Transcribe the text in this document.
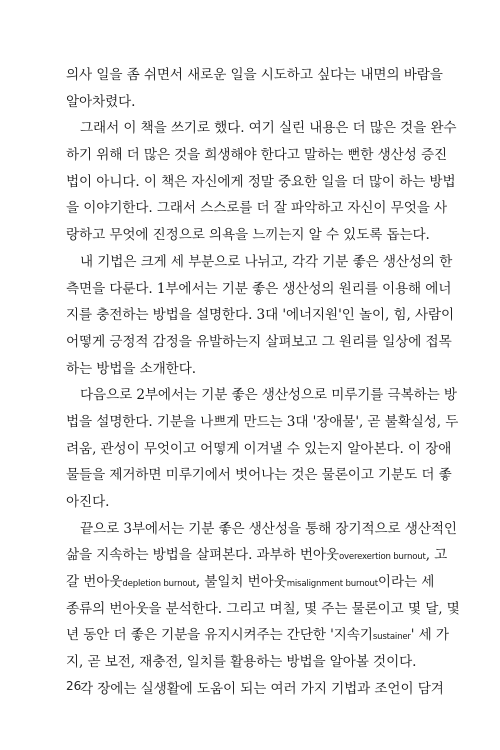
의사 일을 좀 쉬면서 새로운 일을 시도하고 싶다는 내면의 바람을
알아차렸다.

그래서 이 책을 쓰기로 했다. 여기 실린 내용은 더 많은 것을 완수
하기 위해 더 많은 것을 희생해야 한다고 말하는 뻔한 생산성 증진
법이 아니다. 이 책은 자신에게 정말 중요한 일을 더 많이 하는 방법
을 이야기한다. 그래서 스스로를 더 잘 파악하고 자신이 무엇을 사
랑하고 무엇에 진정으로 의욕을 느끼는지 알 수 있도록 돕는다.

내 기법은 크게 세 부분으로 나뉘고, 각각 기분 좋은 생산성의 한
측면을 다룬다. 1부에서는 기분 좋은 생산성의 원리를 이용해 에너
지를 충전하는 방법을 설명한다. 3대 '에너지원'인 놀이, 힘, 사람이
어떻게 긍정적 감정을 유발하는지 살펴보고 그 원리를 일상에 접목
하는 방법을 소개한다.

다음으로 2부에서는 기분 좋은 생산성으로 미루기를 극복하는 방
법을 설명한다. 기분을 나쁘게 만드는 3대 '장애물', 곧 불확실성, 두
려움, 관성이 무엇이고 어떻게 이겨낼 수 있는지 알아본다. 이 장애
물들을 제거하면 미루기에서 벗어나는 것은 물론이고 기분도 더 좋
아진다.

끝으로 3부에서는 기분 좋은 생산성을 통해 장기적으로 생산적인
삶을 지속하는 방법을 살펴본다. 과부하 번아웃overexertion burnout, 고
갈 번아웃depletion burnout, 불일치 번아웃misalignment burnout이라는 세
종류의 번아웃을 분석한다. 그리고 며칠, 몇 주는 물론이고 몇 달, 몇
년 동안 더 좋은 기분을 유지시켜주는 간단한 '지속기sustainer' 세 가
지, 곧 보전, 재충전, 일치를 활용하는 방법을 알아볼 것이다.

각 장에는 실생활에 도움이 되는 여러 가지 기법과 조언이 담겨

26
